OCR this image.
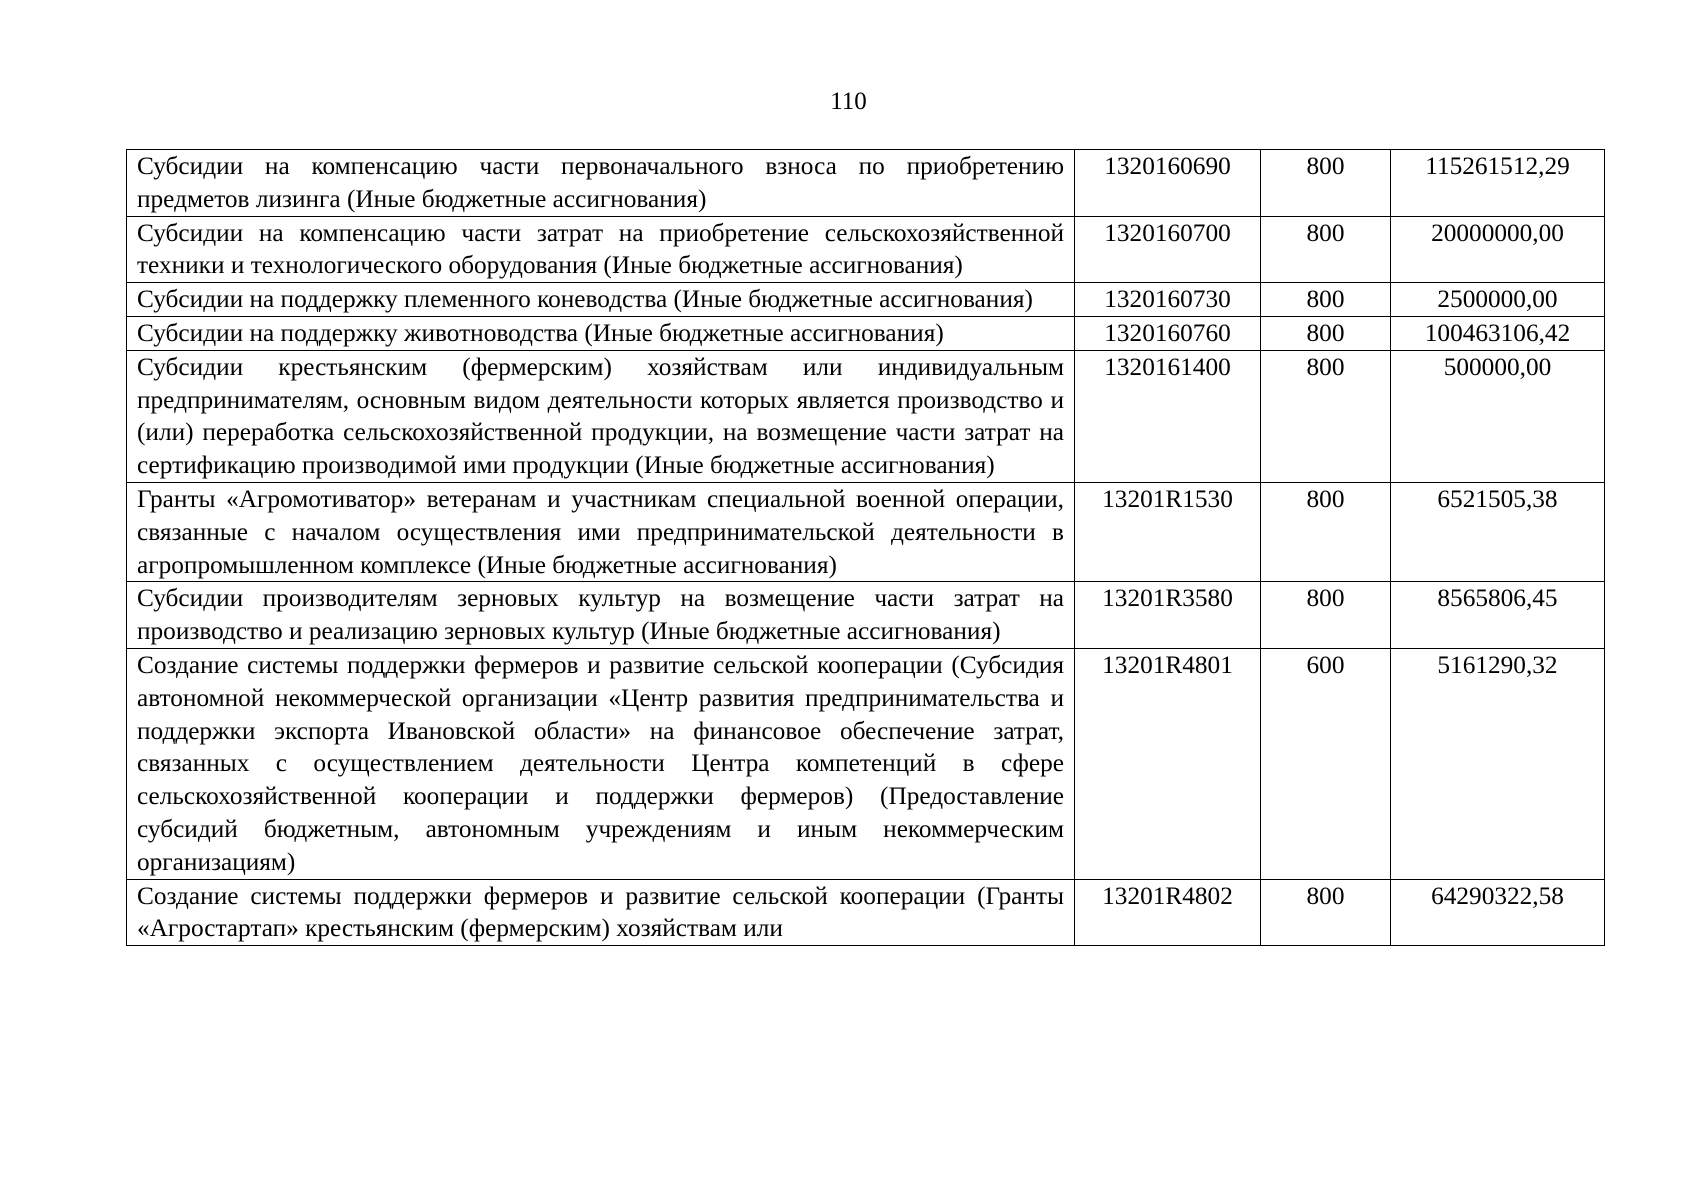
110
Субсидии на компенсацию части первоначального взноса по приобретению предметов лизинга (Иные бюджетные ассигнования)	1320160690	800	115261512,29
Субсидии на компенсацию части затрат на приобретение сельскохозяйственной техники и технологического оборудования (Иные бюджетные ассигнования)	1320160700	800	20000000,00
Субсидии на поддержку племенного коневодства (Иные бюджетные ассигнования)	1320160730	800	2500000,00
Субсидии на поддержку животноводства (Иные бюджетные ассигнования)	1320160760	800	100463106,42
Субсидии крестьянским (фермерским) хозяйствам или индивидуальным предпринимателям, основным видом деятельности которых является производство и (или) переработка сельскохозяйственной продукции, на возмещение части затрат на сертификацию производимой ими продукции (Иные бюджетные ассигнования)	1320161400	800	500000,00
Гранты «Агромотиватор» ветеранам и участникам специальной военной операции, связанные с началом осуществления ими предпринимательской деятельности в агропромышленном комплексе (Иные бюджетные ассигнования)	13201R1530	800	6521505,38
Субсидии производителям зерновых культур на возмещение части затрат на производство и реализацию зерновых культур (Иные бюджетные ассигнования)	13201R3580	800	8565806,45
Создание системы поддержки фермеров и развитие сельской кооперации (Субсидия автономной некоммерческой организации «Центр развития предпринимательства и поддержки экспорта Ивановской области» на финансовое обеспечение затрат, связанных с осуществлением деятельности Центра компетенций в сфере сельскохозяйственной кооперации и поддержки фермеров) (Предоставление субсидий бюджетным, автономным учреждениям и иным некоммерческим организациям)	13201R4801	600	5161290,32
Создание системы поддержки фермеров и развитие сельской кооперации (Гранты «Агростартап» крестьянским (фермерским) хозяйствам или	13201R4802	800	64290322,58
